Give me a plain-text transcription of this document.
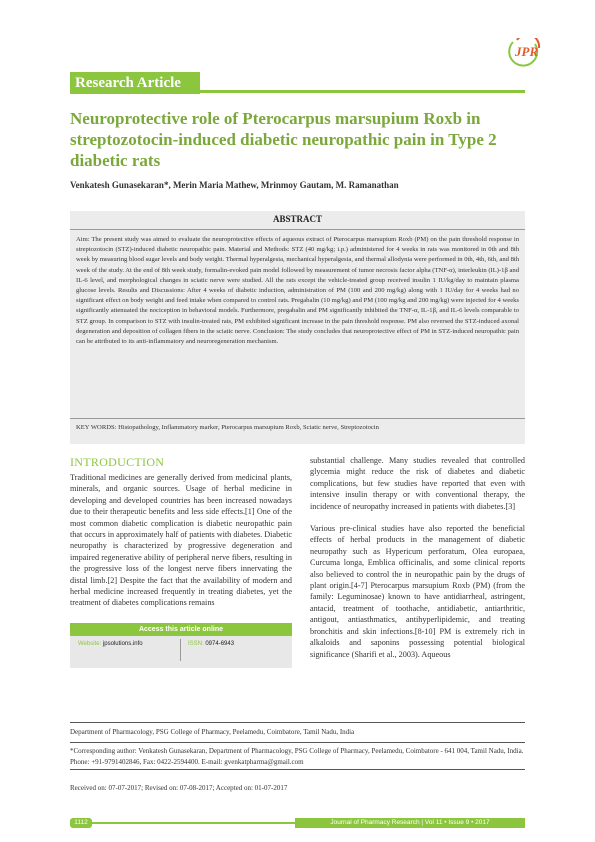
JPR
Research Article
Neuroprotective role of Pterocarpus marsupium Roxb in streptozotocin-induced diabetic neuropathic pain in Type 2 diabetic rats
Venkatesh Gunasekaran*, Merin Maria Mathew, Mrinmoy Gautam, M. Ramanathan
ABSTRACT
Aim: The present study was aimed to evaluate the neuroprotective effects of aqueous extract of Pterocarpus marsupium Roxb (PM) on the pain threshold response in streptozotocin (STZ)-induced diabetic neuropathic pain. Material and Methods: STZ (40 mg/kg; i.p.) administered for 4 weeks in rats was monitored in 0th and 8th week by measuring blood sugar levels and body weight. Thermal hyperalgesia, mechanical hyperalgesia, and thermal allodynia were performed in 0th, 4th, 6th, and 8th week of the study. At the end of 8th week study, formalin-evoked pain model followed by measurement of tumor necrosis factor alpha (TNF-α), interleukin (IL)-1β and IL-6 level, and morphological changes in sciatic nerve were studied. All the rats except the vehicle-treated group received insulin 1 IU/kg/day to maintain plasma glucose levels. Results and Discussions: After 4 weeks of diabetic induction, administration of PM (100 and 200 mg/kg) along with 1 IU/day for 4 weeks had no significant effect on body weight and feed intake when compared to control rats. Pregabalin (10 mg/kg) and PM (100 mg/kg and 200 mg/kg) were injected for 4 weeks significantly attenuated the nociception in behavioral models. Furthermore, pregabalin and PM significantly inhibited the TNF-α, IL-1β, and IL-6 levels comparable to STZ group. In comparison to STZ with insulin-treated rats, PM exhibited significant increase in the pain threshold response. PM also reversed the STZ-induced axonal degeneration and deposition of collagen fibers in the sciatic nerve. Conclusion: The study concludes that neuroprotective effect of PM in STZ-induced neuropathic pain can be attributed to its anti-inflammatory and neuroregeneration mechanism.
KEY WORDS: Histopathology, Inflammatory marker, Pterocarpus marsupium Roxb, Sciatic nerve, Streptozotocin
INTRODUCTION

Traditional medicines are generally derived from medicinal plants, minerals, and organic sources. Usage of herbal medicine in developing and developed countries has been increased nowadays due to their therapeutic benefits and less side effects.[1] One of the most common diabetic complication is diabetic neuropathic pain that occurs in approximately half of patients with diabetes. Diabetic neuropathy is characterized by progressive degeneration and impaired regenerative ability of peripheral nerve fibers, resulting in the progressive loss of the longest nerve fibers innervating the distal limb.[2] Despite the fact that the availability of modern and herbal medicine increased frequently in treating diabetes, yet the treatment of diabetes complications remains

substantial challenge. Many studies revealed that controlled glycemia might reduce the risk of diabetes and diabetic complications, but few studies have reported that even with intensive insulin therapy or with conventional therapy, the incidence of neuropathy increased in patients with diabetes.[3]

Various pre-clinical studies have also reported the beneficial effects of herbal products in the management of diabetic neuropathy such as Hypericum perforatum, Olea europaea, Curcuma longa, Emblica officinalis, and some clinical reports also believed to control the in neuropathic pain by the drugs of plant origin.[4-7] Pterocarpus marsupium Roxb (PM) (from the family: Leguminosae) known to have antidiarrheal, astringent, antacid, treatment of toothache, antidiabetic, antiarthritic, antigout, antiasthmatics, antihyperlipidemic, and treating bronchitis and skin infections.[8-10] PM is extremely rich in alkaloids and saponins possessing potential biological significance (Sharifi et al., 2003). Aqueous

Access this article online
Website: jpsolutions.info	ISSN: 0974-6943
Department of Pharmacology, PSG College of Pharmacy, Peelamedu, Coimbatore, Tamil Nadu, India
*Corresponding author: Venkatesh Gunasekaran, Department of Pharmacology, PSG College of Pharmacy, Peelamedu, Coimbatore - 641 004, Tamil Nadu, India. Phone: +91-9791402846, Fax: 0422-2594400. E-mail: gvenkatpharma@gmail.com
Received on: 07-07-2017; Revised on: 07-08-2017; Accepted on: 01-07-2017
1112	Journal of Pharmacy Research | Vol 11 • Issue 9 • 2017
